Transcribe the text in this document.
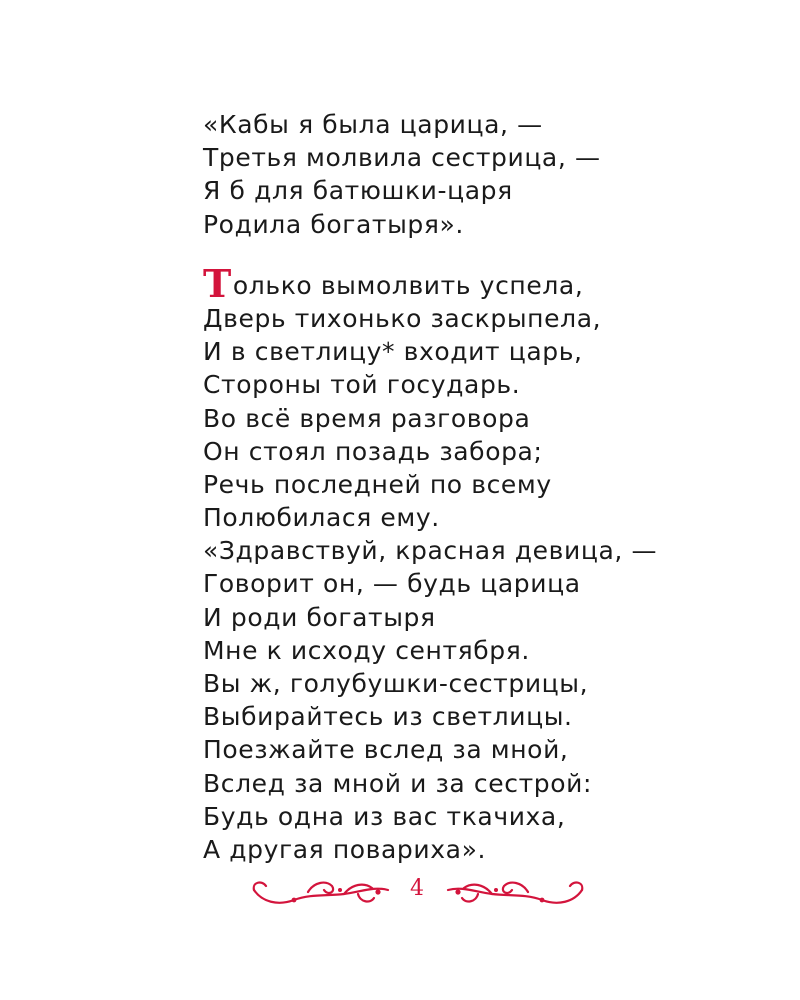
«Кабы я была царица, —
Третья молвила сестрица, —
Я б для батюшки-царя
Родила богатыря».
Только вымолвить успела,
Дверь тихонько заскрыпела,
И в светлицу* входит царь,
Стороны той государь.
Во всё время разговора
Он стоял позадь забора;
Речь последней по всему
Полюбилася ему.
«Здравствуй, красная девица, —
Говорит он, — будь царица
И роди богатыря
Мне к исходу сентября.
Вы ж, голубушки-сестрицы,
Выбирайтесь из светлицы.
Поезжайте вслед за мной,
Вслед за мной и за сестрой:
Будь одна из вас ткачиха,
А другая повариха».
4
